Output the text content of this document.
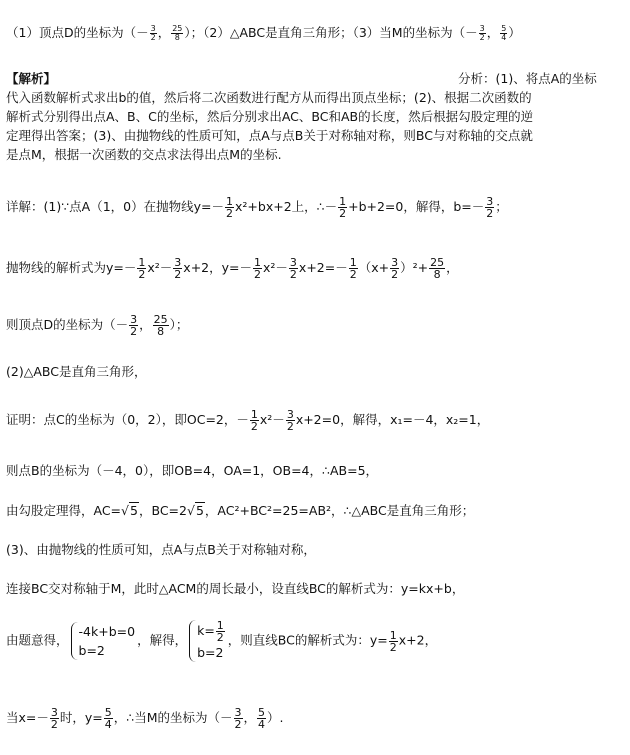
（1）顶点D的坐标为（－ $\frac{3}{2}$ ， $\frac{25}{8}$ ）；（2）△ABC是直角三角形；（3）当M的坐标为（－ $\frac{3}{2}$ ， $\frac{5}{4}$ ）
【解析】	分析：(1)、将点A的坐标
代入函数解析式求出b的值，然后将二次函数进行配方从而得出顶点坐标；(2)、根据二次函数的
解析式分别得出点A、B、C的坐标，然后分别求出AC、BC和AB的长度，然后根据勾股定理的逆
定理得出答案；(3)、由抛物线的性质可知，点A与点B关于对称轴对称，则BC与对称轴的交点就
是点M，根据一次函数的交点求法得出点M的坐标.
详解：(1)∵点A（1，0）在抛物线$y=- \frac{1}{2} x^2+bx+2$上，∴－ $\frac{1}{2} +b+2=0$，解得，$b=- \frac{3}{2}$ ；
抛物线的解析式为$y=- \frac{1}{2} x^2- \frac{3}{2} x+2$，$y=- \frac{1}{2} x^2- \frac{3}{2} x+2=- \frac{1}{2} (x+ \frac{3}{2} )^2+ \frac{25}{8}$ ，
则顶点D的坐标为（－ $\frac{3}{2}$ ， $\frac{25}{8}$ ）；
(2)△ABC是直角三角形，
证明：点C的坐标为（0，2），即OC=2，－ $\frac{1}{2} x^2- \frac{3}{2} x+2=0$，解得，x₁=－4，x₂=1，
则点B的坐标为（－4，0），即OB=4，OA=1，OB=4，∴AB=5，
由勾股定理得，AC=√5，BC=2√5，AC²+BC²=25=AB²，∴△ABC是直角三角形；
(3)、由抛物线的性质可知，点A与点B关于对称轴对称，
连接BC交对称轴于M，此时△ACM的周长最小，设直线BC的解析式为：y=kx+b，
由题意得，
-4k+b=0
b=2
，解得，
$k= \frac{1}{2}$
b=2
，则直线BC的解析式为：$y= \frac{1}{2} x+2$，
当$x=- \frac{3}{2}$ 时，$y= \frac{5}{4}$ ，∴当M的坐标为（－ $\frac{3}{2}$ ， $\frac{5}{4}$ ）.
